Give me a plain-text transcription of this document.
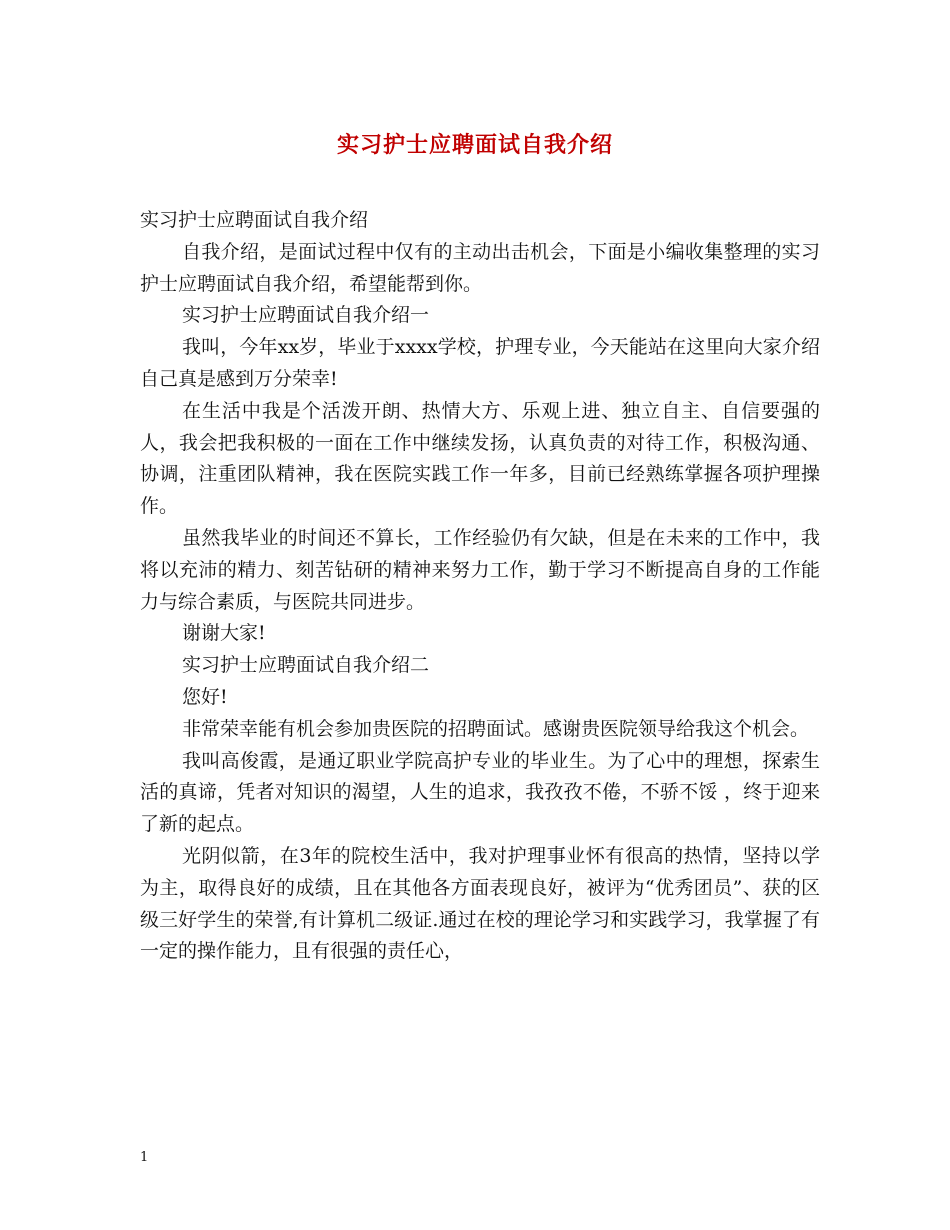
实习护士应聘面试自我介绍

实习护士应聘面试自我介绍

自我介绍，是面试过程中仅有的主动出击机会，下面是小编收集整理的实习护士应聘面试自我介绍，希望能帮到你。

实习护士应聘面试自我介绍一

我叫，今年xx岁，毕业于xxxx学校，护理专业，今天能站在这里向大家介绍自己真是感到万分荣幸!

在生活中我是个活泼开朗、热情大方、乐观上进、独立自主、自信要强的人，我会把我积极的一面在工作中继续发扬，认真负责的对待工作，积极沟通、协调，注重团队精神，我在医院实践工作一年多，目前已经熟练掌握各项护理操作。

虽然我毕业的时间还不算长，工作经验仍有欠缺，但是在未来的工作中，我将以充沛的精力、刻苦钻研的精神来努力工作，勤于学习不断提高自身的工作能力与综合素质，与医院共同进步。

谢谢大家!

实习护士应聘面试自我介绍二

您好!

非常荣幸能有机会参加贵医院的招聘面试。感谢贵医院领导给我这个机会。

我叫高俊霞，是通辽职业学院高护专业的毕业生。为了心中的理想，探索生活的真谛，凭者对知识的渴望，人生的追求，我孜孜不倦，不骄不馁 ，终于迎来了新的起点。

光阴似箭，在3年的院校生活中，我对护理事业怀有很高的热情，坚持以学为主，取得良好的成绩，且在其他各方面表现良好，被评为“优秀团员”、获的区级三好学生的荣誉,有计算机二级证.通过在校的理论学习和实践学习，我掌握了有一定的操作能力，且有很强的责任心，

1
